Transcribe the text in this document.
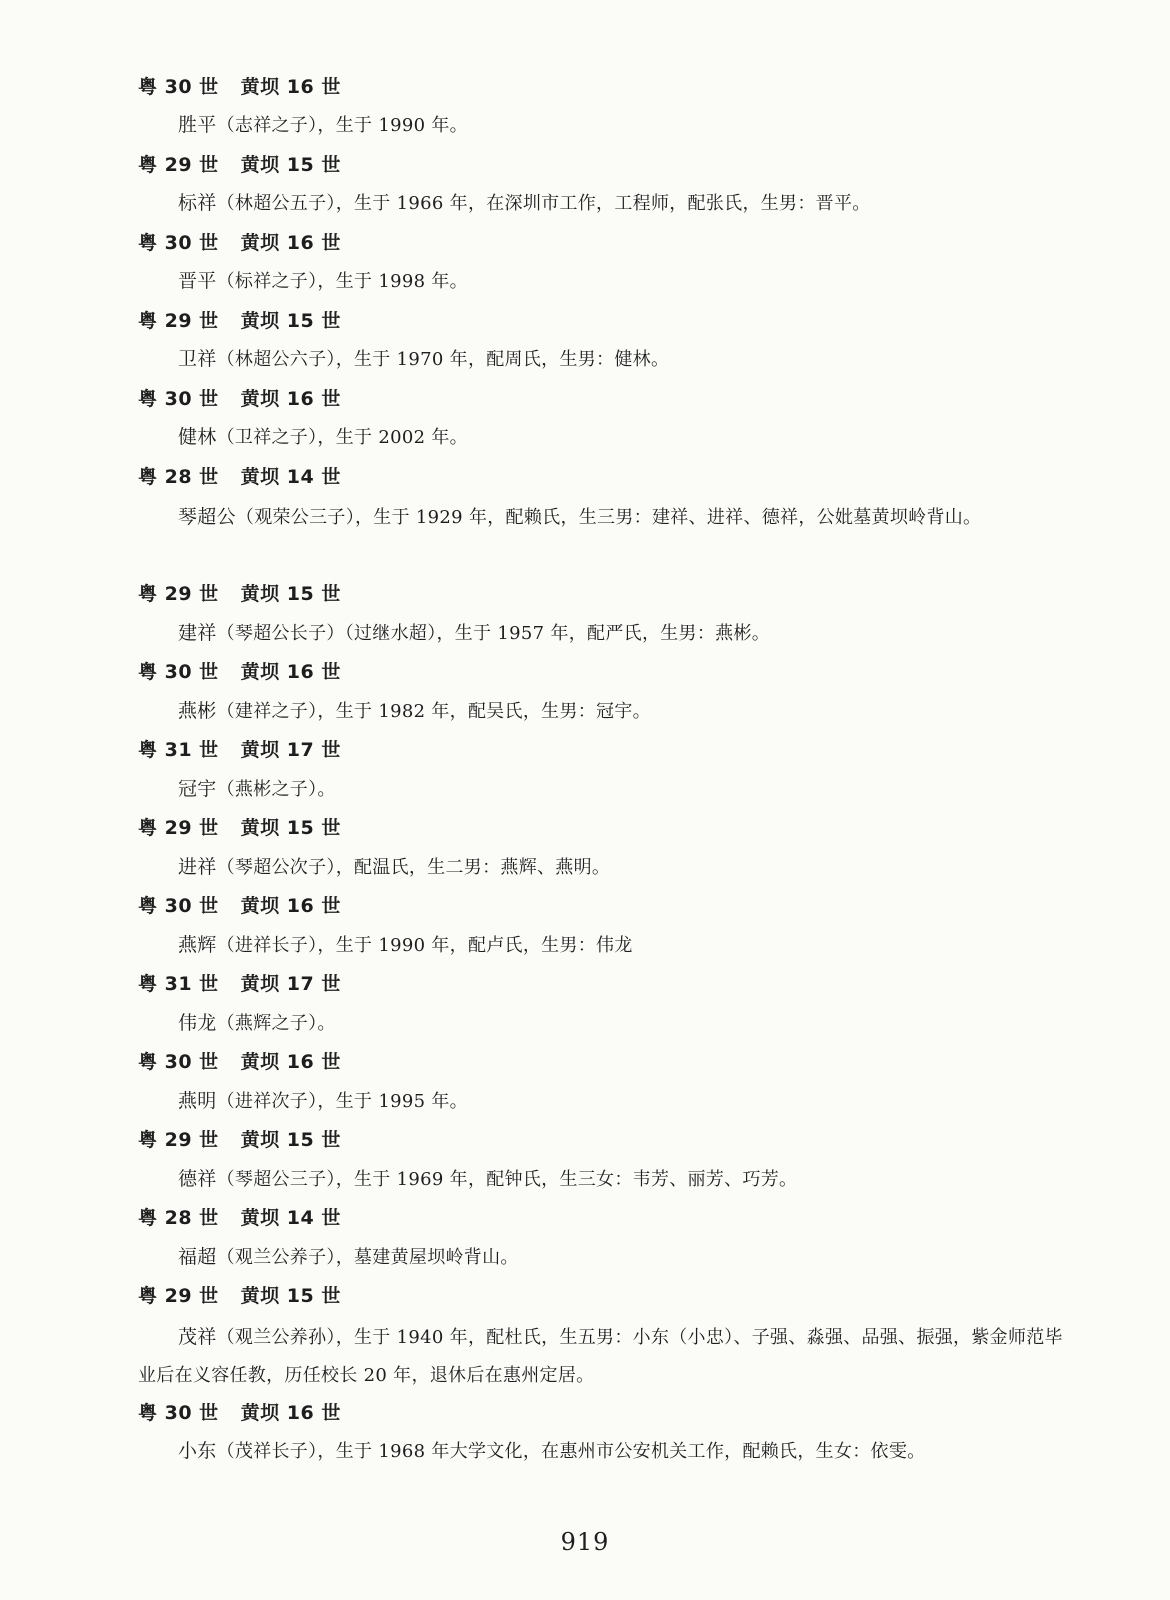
粤 30 世 黄坝 16 世
胜平（志祥之子），生于 1990 年。
粤 29 世 黄坝 15 世
标祥（林超公五子），生于 1966 年，在深圳市工作，工程师，配张氏，生男：晋平。
粤 30 世 黄坝 16 世
晋平（标祥之子），生于 1998 年。
粤 29 世 黄坝 15 世
卫祥（林超公六子），生于 1970 年，配周氏，生男：健林。
粤 30 世 黄坝 16 世
健林（卫祥之子），生于 2002 年。
粤 28 世 黄坝 14 世
琴超公（观荣公三子），生于 1929 年，配赖氏，生三男：建祥、进祥、德祥，公妣墓黄坝岭背山。
粤 29 世 黄坝 15 世
建祥（琴超公长子）（过继水超），生于 1957 年，配严氏，生男：燕彬。
粤 30 世 黄坝 16 世
燕彬（建祥之子），生于 1982 年，配吴氏，生男：冠宇。
粤 31 世 黄坝 17 世
冠宇（燕彬之子）。
粤 29 世 黄坝 15 世
进祥（琴超公次子），配温氏，生二男：燕辉、燕明。
粤 30 世 黄坝 16 世
燕辉（进祥长子），生于 1990 年，配卢氏，生男：伟龙
粤 31 世 黄坝 17 世
伟龙（燕辉之子）。
粤 30 世 黄坝 16 世
燕明（进祥次子），生于 1995 年。
粤 29 世 黄坝 15 世
德祥（琴超公三子），生于 1969 年，配钟氏，生三女：韦芳、丽芳、巧芳。
粤 28 世 黄坝 14 世
福超（观兰公养子），墓建黄屋坝岭背山。
粤 29 世 黄坝 15 世
茂祥（观兰公养孙），生于 1940 年，配杜氏，生五男：小东（小忠）、子强、淼强、品强、振强，紫金师范毕业后在义容任教，历任校长 20 年，退休后在惠州定居。
粤 30 世 黄坝 16 世
小东（茂祥长子），生于 1968 年大学文化，在惠州市公安机关工作，配赖氏，生女：依雯。
919
